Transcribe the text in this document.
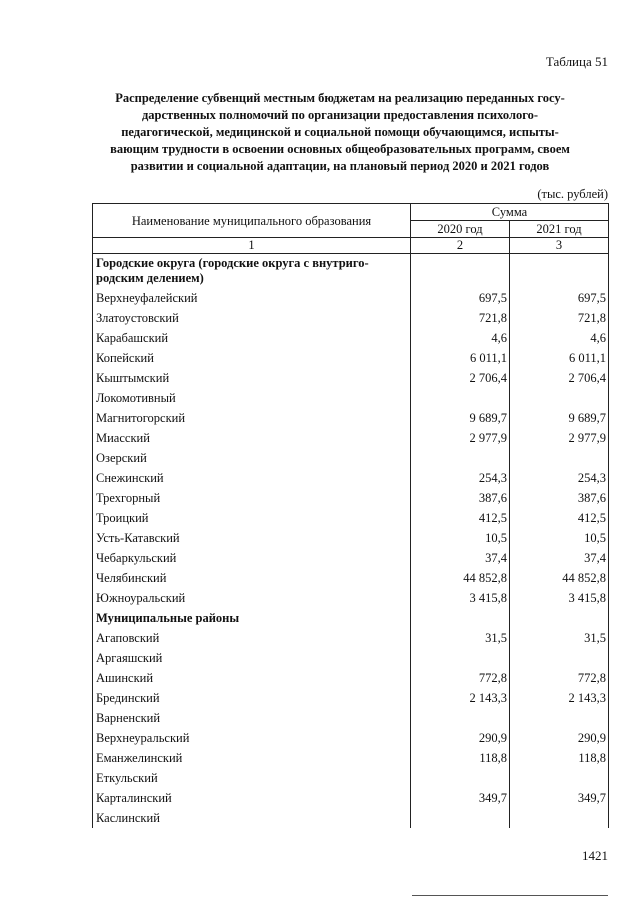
Таблица 51
Распределение субвенций местным бюджетам на реализацию переданных госу-
дарственных полномочий по организации предоставления психолого-
педагогической, медицинской и социальной помощи обучающимся, испыты-
вающим трудности в освоении основных общеобразовательных программ, своем
развитии и социальной адаптации, на плановый период 2020 и 2021 годов
(тыс. рублей)
Наименование муниципального образования	Сумма	
	2020 год	2021 год
1	2	3
Городские округа (городские округа с внутриго-родским делением)		
Верхнеуфалейский	697,5	697,5
Златоустовский	721,8	721,8
Карабашский	4,6	4,6
Копейский	6 011,1	6 011,1
Кыштымский	2 706,4	2 706,4
Локомотивный		
Магнитогорский	9 689,7	9 689,7
Миасский	2 977,9	2 977,9
Озерский		
Снежинский	254,3	254,3
Трехгорный	387,6	387,6
Троицкий	412,5	412,5
Усть-Катавский	10,5	10,5
Чебаркульский	37,4	37,4
Челябинский	44 852,8	44 852,8
Южноуральский	3 415,8	3 415,8
Муниципальные районы		
Агаповский	31,5	31,5
Аргаяшский		
Ашинский	772,8	772,8
Брединский	2 143,3	2 143,3
Варненский		
Верхнеуральский	290,9	290,9
Еманжелинский	118,8	118,8
Еткульский		
Карталинский	349,7	349,7
Каслинский		
1421
